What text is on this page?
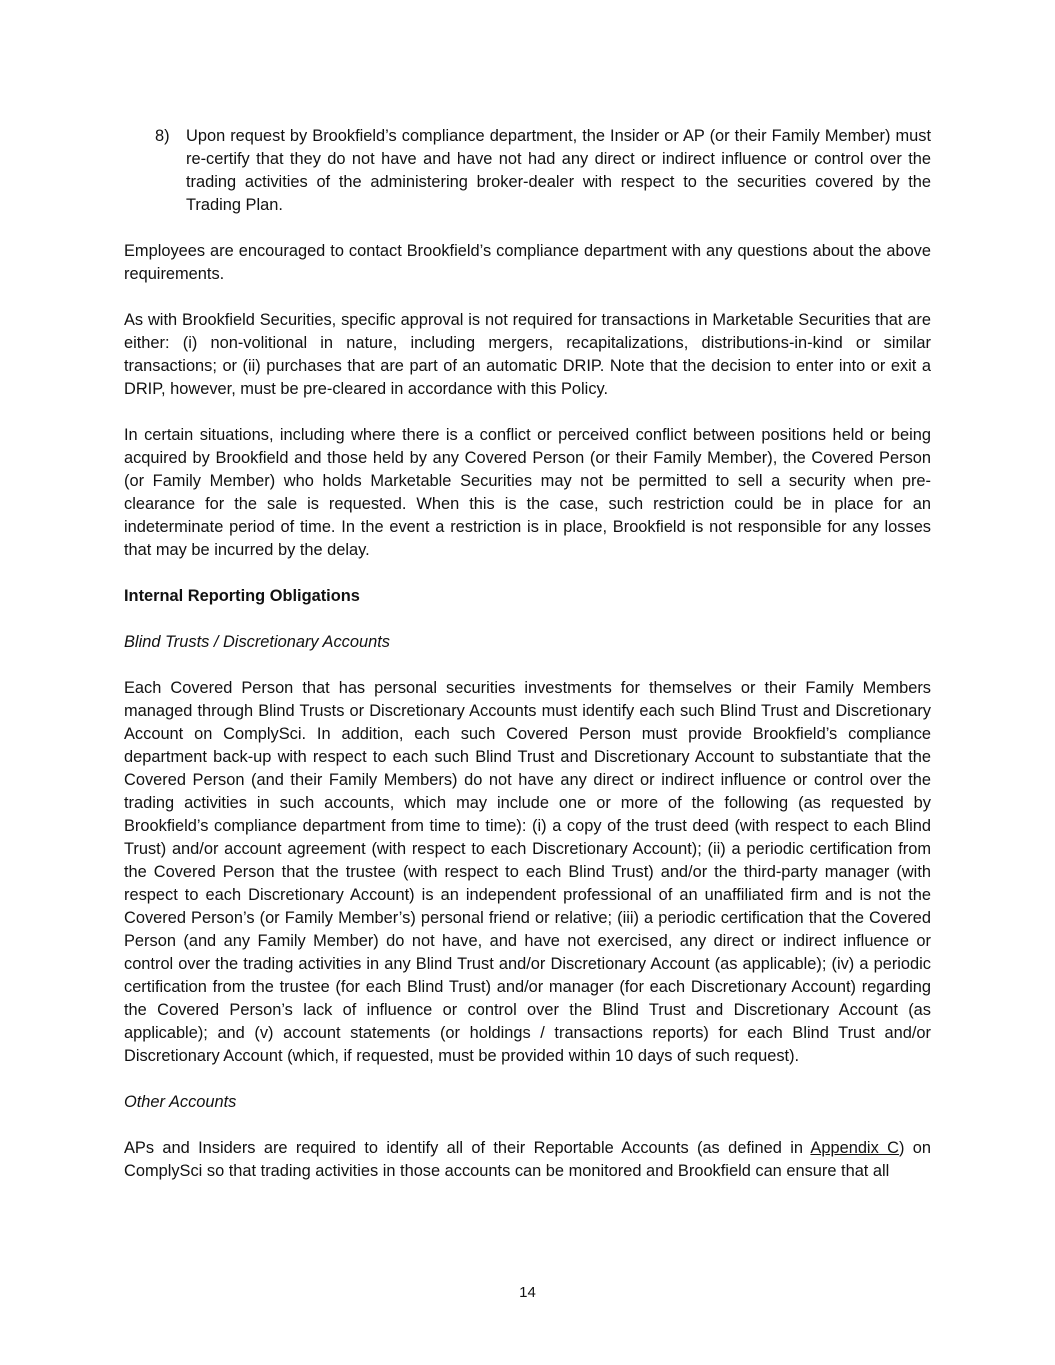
8) Upon request by Brookfield’s compliance department, the Insider or AP (or their Family Member) must re-certify that they do not have and have not had any direct or indirect influence or control over the trading activities of the administering broker-dealer with respect to the securities covered by the Trading Plan.

Employees are encouraged to contact Brookfield’s compliance department with any questions about the above requirements.

As with Brookfield Securities, specific approval is not required for transactions in Marketable Securities that are either: (i) non-volitional in nature, including mergers, recapitalizations, distributions-in-kind or similar transactions; or (ii) purchases that are part of an automatic DRIP. Note that the decision to enter into or exit a DRIP, however, must be pre-cleared in accordance with this Policy.

In certain situations, including where there is a conflict or perceived conflict between positions held or being acquired by Brookfield and those held by any Covered Person (or their Family Member), the Covered Person (or Family Member) who holds Marketable Securities may not be permitted to sell a security when pre-clearance for the sale is requested. When this is the case, such restriction could be in place for an indeterminate period of time. In the event a restriction is in place, Brookfield is not responsible for any losses that may be incurred by the delay.

Internal Reporting Obligations
Blind Trusts / Discretionary Accounts

Each Covered Person that has personal securities investments for themselves or their Family Members managed through Blind Trusts or Discretionary Accounts must identify each such Blind Trust and Discretionary Account on ComplySci. In addition, each such Covered Person must provide Brookfield’s compliance department back-up with respect to each such Blind Trust and Discretionary Account to substantiate that the Covered Person (and their Family Members) do not have any direct or indirect influence or control over the trading activities in such accounts, which may include one or more of the following (as requested by Brookfield’s compliance department from time to time): (i) a copy of the trust deed (with respect to each Blind Trust) and/or account agreement (with respect to each Discretionary Account); (ii) a periodic certification from the Covered Person that the trustee (with respect to each Blind Trust) and/or the third-party manager (with respect to each Discretionary Account) is an independent professional of an unaffiliated firm and is not the Covered Person’s (or Family Member’s) personal friend or relative; (iii) a periodic certification that the Covered Person (and any Family Member) do not have, and have not exercised, any direct or indirect influence or control over the trading activities in any Blind Trust and/or Discretionary Account (as applicable); (iv) a periodic certification from the trustee (for each Blind Trust) and/or manager (for each Discretionary Account) regarding the Covered Person’s lack of influence or control over the Blind Trust and Discretionary Account (as applicable); and (v) account statements (or holdings / transactions reports) for each Blind Trust and/or Discretionary Account (which, if requested, must be provided within 10 days of such request).

Other Accounts

APs and Insiders are required to identify all of their Reportable Accounts (as defined in Appendix C) on ComplySci so that trading activities in those accounts can be monitored and Brookfield can ensure that all

14
